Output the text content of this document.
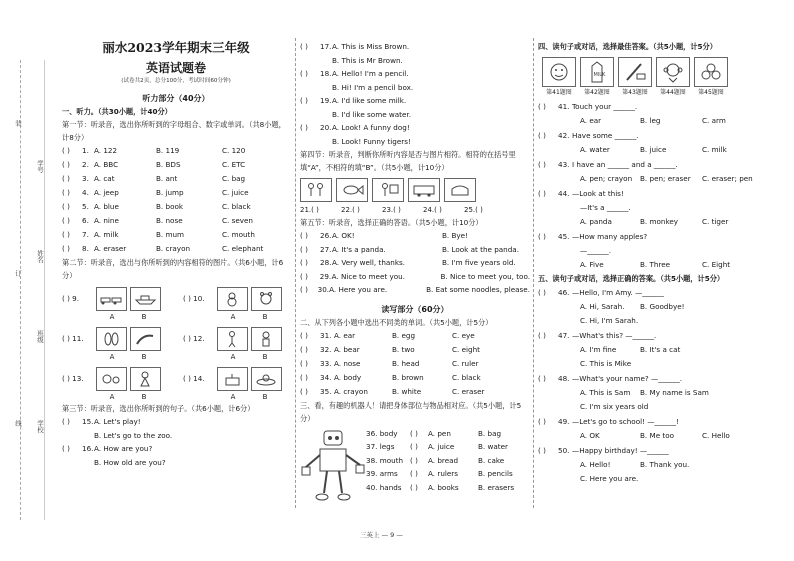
学号
姓名
班级
学校
装
订
线
丽水2023学年期末三年级
英语试题卷
(试卷共2页，总分100分，考试时间60分钟)
听力部分（40分）
一、听力。（共30小题，计40分）
第一节：听录音，选出你所听到的字母组合、数字或单词。（共8小题，计8分）
( )	1. A. 122	B. 119	C. 120
( )	2. A. BBC	B. BDS	C. ETC
( )	3. A. cat	B. ant	C. bag
( )	4. A. jeep	B. jump	C. juice
( )	5. A. blue	B. book	C. black
( )	6. A. nine	B. nose	C. seven
( )	7. A. milk	B. mum	C. mouth
( )	8. A. eraser	B. crayon	C. elephant
第二节：听录音，选出与你所听到的内容相符的图片。（共6小题，计6分）
( ) 9.
A	B
( ) 11.
A	B
( ) 13.
A	B
( ) 10.
A	B
( ) 12.
A	B
( ) 14.
A	B
第三节：听录音，选出你所听到的句子。（共6小题，计6分）
( )	15. A. Let's play!
B. Let's go to the zoo.
( )	16. A. How are you?
B. How old are you?
( )	17. A. This is Miss Brown.
B. This is Mr Brown.
( )	18. A. Hello! I'm a pencil.
B. Hi! I'm a pencil box.
( )	19. A. I'd like some milk.
B. I'd like some water.
( )	20. A. Look! A funny dog!
B. Look! Funny tigers!
第四节：听录音，判断你所听内容是否与图片相符。相符的在括号里填“A”，不相符的填“B”。（共5小题，计10分）
21.( )	22.( )	23.( )	24.( )	25.( )
第五节：听录音，选择正确的答语。（共5小题，计10分）
( )	26. A. OK!	B. Bye!
( )	27. A. It's a panda.	B. Look at the panda.
( )	28. A. Very well, thanks.	B. I'm five years old.
( )	29. A. Nice to meet you.	B. Nice to meet you, too.
( )	30. A. Here you are.	B. Eat some noodles, please.
读写部分（60分）
二、从下列各小题中选出不同类的单词。（共5小题，计5分）
( )	31. A. ear	B. egg	C. eye
( )	32. A. bear	B. two	C. eight
( )	33. A. nose	B. head	C. ruler
( )	34. A. body	B. brown	C. black
( )	35. A. crayon	B. white	C. eraser
三、看，有趣的机器人！请把身体部位与物品相对应。（共5小题，计5分）
36. body	( )	A. pen	B. bag
37. legs	( )	A. juice	B. water
38. mouth ( )	A. bread	B. cake
39. arms	( )	A. rulers	B. pencils
40. hands	( )	A. books	B. erasers
四、读句子或对话，选择最佳答案。（共5小题，计5分）
MILK
第41题图	第42题图	第43题图	第44题图	第45题图
( )	41. Touch your ______.
A. ear	B. leg	C. arm
( )	42. Have some ______.
A. water	B. juice	C. milk
( )	43. I have an ______ and a ______.
A. pen; crayon	B. pen; eraser	C. eraser; pen
( )	44. —Look at this!
—It's a ______.
A. panda	B. monkey	C. tiger
( )	45. —How many apples?
—______.
A. Five	B. Three	C. Eight
五、读句子或对话，选择正确的答案。（共5小题，计5分）
( )	46. —Hello, I'm Amy. —______
A. Hi, Sarah.	B. Goodbye!
C. Hi, I'm Sarah.
( )	47. —What's this? —______.
A. I'm fine	B. It's a cat
C. This is Mike
( )	48. —What's your name? —______.
A. This is Sam	B. My name is Sam
C. I'm six years old
( )	49. —Let's go to school! —______!
A. OK	B. Me too	C. Hello
( )	50. —Happy birthday! —______
A. Hello!	B. Thank you.
C. Here you are.
三英上 — 9 —
